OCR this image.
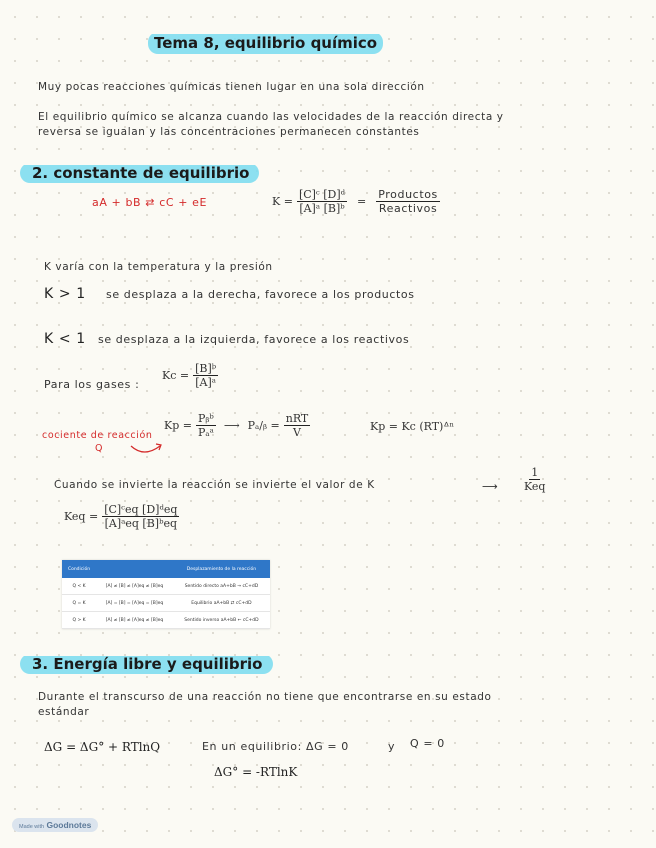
Tema 8, equilibrio químico
Muy pocas reacciones químicas tienen lugar en una sola dirección
El equilibrio químico se alcanza cuando las velocidades de la reacción directa y
reversa se igualan y las concentraciones permanecen constantes
2. constante de equilibrio
aA + bB ⇄ cC + eE	$K = \frac{\text{[C]ᶜ [D]ᵈ}}{\text{[A]ᵃ [B]ᵇ}} = \frac{\text{Productos}}{\text{Reactivos}}$
K varía con la temperatura y la presión
K > 1 se desplaza a la derecha, favorece a los productos
K < 1 se desplaza a la izquierda, favorece a los reactivos
Para los gases :
$Kc = \frac{\text{[B]ᵇ}}{\text{[A]ᵃ}}$
cociente de reacción
Q
$Kp = \frac{\text{Pᵦᵇ}}{\text{Pₐᵃ}}$ ⟶ Pₐ/ᵦ = $\frac{\text{nRT}}{V}$	Kp = Kc (RT)ᐞⁿ
Cuando se invierte la reacción se invierte el valor de K	⟶ $\frac{1}{\text{Keq}}$
Keq = $\frac{\text{[C]ᶜeq [D]ᵈeq}}{\text{[A]ᵃeq [B]ᵇeq}}$
Condición		Desplazamiento de la reacción
Q < K	[A] ≠ [B] ≠ [A]eq ≠ [B]eq	Sentido directo aA+bB → cC+dD
Q = K	[A] = [B] = [A]eq = [B]eq	Equilibrio aA+bB ⇄ cC+dD
Q > K	[A] ≠ [B] ≠ [A]eq ≠ [B]eq	Sentido inverso aA+bB ← cC+dD
3. Energía libre y equilibrio
Durante el transcurso de una reacción no tiene que encontrarse en su estado
estándar
ΔG = ΔG° + RTlnQ	En un equilibrio: ΔG = 0	y Q = 0
ΔG° = -RTlnK
Made with Goodnotes
